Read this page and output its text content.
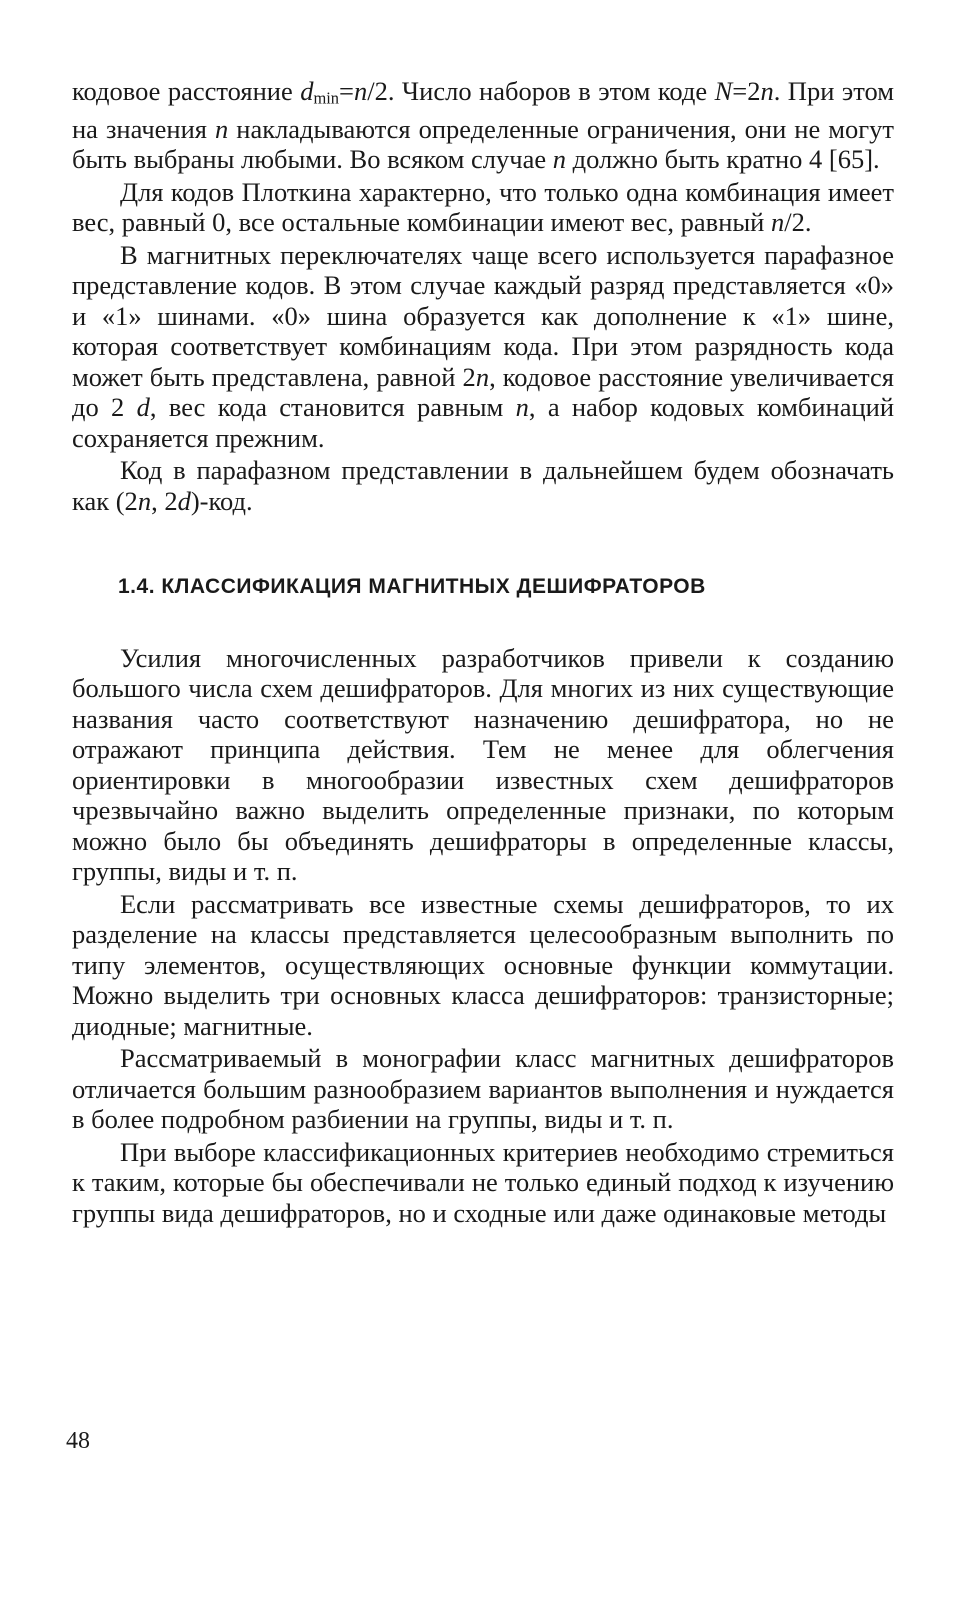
кодовое расстояние $d_{min}=n/2$. Число наборов в этом коде N=2n. При этом на значения n накладываются определенные ограничения, они не могут быть выбраны любыми. Во всяком случае n должно быть кратно 4 [65].

Для кодов Плоткина характерно, что только одна комбинация имеет вес, равный 0, все остальные комбинации имеют вес, равный n/2.

В магнитных переключателях чаще всего используется парафазное представление кодов. В этом случае каждый разряд представляется «0» и «1» шинами. «0» шина образуется как дополнение к «1» шине, которая соответствует комбинациям кода. При этом разрядность кода может быть представлена, равной 2n, кодовое расстояние увеличивается до 2 d, вес кода становится равным n, а набор кодовых комбинаций сохраняется прежним.

Код в парафазном представлении в дальнейшем будем обозначать как (2n, 2d)-код.

1.4. КЛАССИФИКАЦИЯ МАГНИТНЫХ ДЕШИФРАТОРОВ

Усилия многочисленных разработчиков привели к созданию большого числа схем дешифраторов. Для многих из них существующие названия часто соответствуют назначению дешифратора, но не отражают принципа действия. Тем не менее для облегчения ориентировки в многообразии известных схем дешифраторов чрезвычайно важно выделить определенные признаки, по которым можно было бы объединять дешифраторы в определенные классы, группы, виды и т. п.

Если рассматривать все известные схемы дешифраторов, то их разделение на классы представляется целесообразным выполнить по типу элементов, осуществляющих основные функции коммутации. Можно выделить три основных класса дешифраторов: транзисторные; диодные; магнитные.

Рассматриваемый в монографии класс магнитных дешифраторов отличается большим разнообразием вариантов выполнения и нуждается в более подробном разбиении на группы, виды и т. п.

При выборе классификационных критериев необходимо стремиться к таким, которые бы обеспечивали не только единый подход к изучению группы вида дешифраторов, но и сходные или даже одинаковые методы

48
